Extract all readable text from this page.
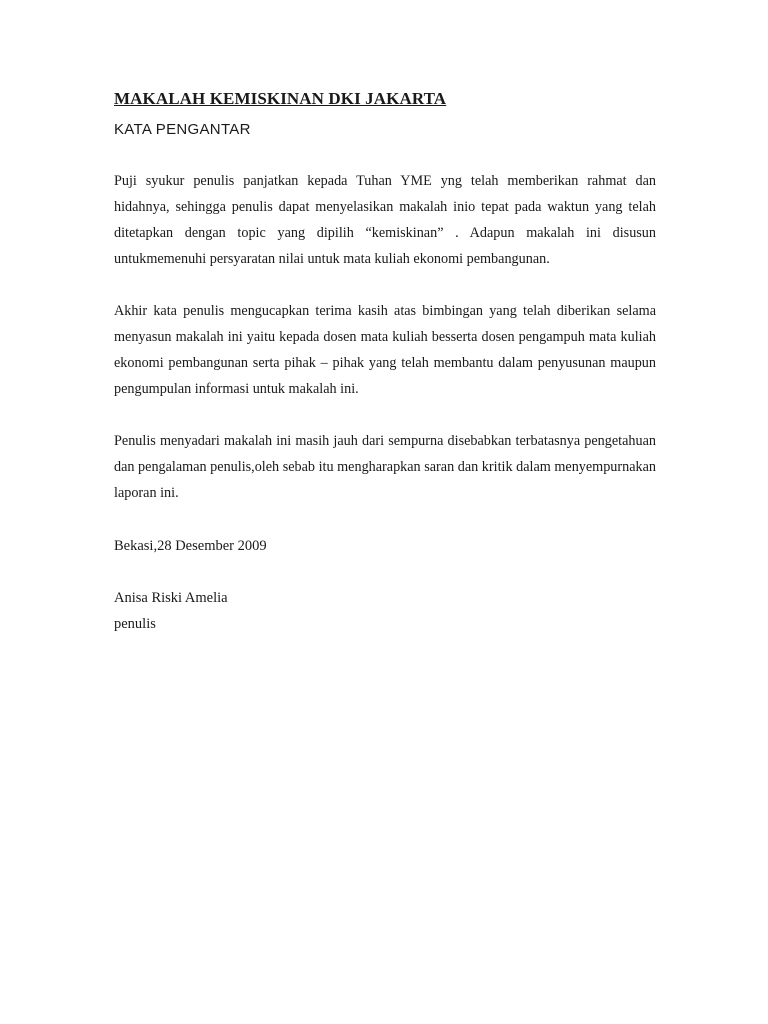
MAKALAH KEMISKINAN DKI JAKARTA
KATA PENGANTAR

Puji syukur penulis panjatkan kepada Tuhan YME yng telah memberikan rahmat dan hidahnya, sehingga penulis dapat menyelasikan makalah inio tepat pada waktun yang telah ditetapkan dengan topic yang dipilih “kemiskinan” . Adapun makalah ini disusun untukmemenuhi persyaratan nilai untuk mata kuliah ekonomi pembangunan.

Akhir kata penulis mengucapkan terima kasih atas bimbingan yang telah diberikan selama menyasun makalah ini yaitu kepada dosen mata kuliah besserta dosen pengampuh mata kuliah ekonomi pembangunan serta pihak – pihak yang telah membantu dalam penyusunan maupun pengumpulan informasi untuk makalah ini.

Penulis menyadari makalah ini masih jauh dari sempurna disebabkan terbatasnya pengetahuan dan pengalaman penulis,oleh sebab itu mengharapkan saran dan kritik dalam menyempurnakan laporan ini.

Bekasi,28 Desember 2009
Anisa Riski Amelia
penulis
